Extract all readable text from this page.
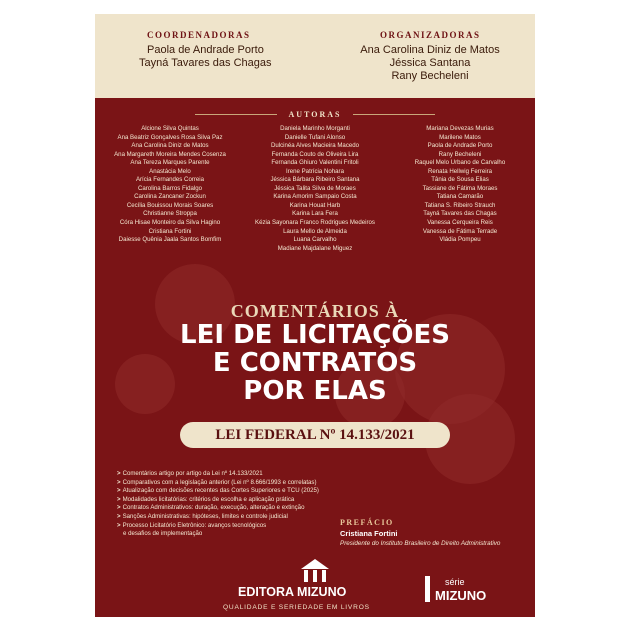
COORDENADORAS
Paola de Andrade Porto
Tayná Tavares das Chagas
ORGANIZADORAS
Ana Carolina Diniz de Matos
Jéssica Santana
Rany Becheleni
AUTORAS
Alcione Silva Quintas
Ana Beatriz Gonçalves Rosa Silva Paz
Ana Carolina Diniz de Matos
Ana Margareth Moreira Mendes Cosenza
Ana Tereza Marques Parente
Anastácia Melo
Arícia Fernandes Correia
Carolina Barros Fidalgo
Carolina Zancaner Zockun
Cecília Bouissou Morais Soares
Christianne Stroppa
Córa Hisae Monteiro da Silva Hagino
Cristiana Fortini
Daiesse Quênia Jaala Santos Bomfim
Daniela Marinho Morganti
Danielle Tufani Alonso
Dulcinéa Alves Macieira Macedo
Fernanda Couto de Oliveira Lira
Fernanda Ghiuro Valentini Fritoli
Irene Patrícia Nohara
Jéssica Bárbara Ribeiro Santana
Jéssica Talita Silva de Moraes
Karina Amorim Sampaio Costa
Karina Houat Harb
Karina Lara Fera
Kézia Sayonara Franco Rodrigues Medeiros
Laura Mello de Almeida
Luana Carvalho
Madiane Majdalane Miguez
Mariana Devezas Murias
Marilene Matos
Paola de Andrade Porto
Rany Becheleni
Raquel Melo Urbano de Carvalho
Renata Hellwig Ferreira
Tânia de Sousa Elias
Tassiane de Fátima Moraes
Tatiana Camarão
Tatiana S. Ribeiro Strauch
Tayná Tavares das Chagas
Vanessa Cerqueira Reis
Vanessa de Fátima Terrade
Vládia Pompeu
COMENTÁRIOS À
LEI DE LICITAÇÕES
E CONTRATOS
POR ELAS
LEI FEDERAL Nº 14.133/2021
> Comentários artigo por artigo da Lei nº 14.133/2021
> Comparativos com a legislação anterior (Lei nº 8.666/1993 e correlatas)
> Atualização com decisões recentes das Cortes Superiores e TCU (2025)
> Modalidades licitatórias: critérios de escolha e aplicação prática
> Contratos Administrativos: duração, execução, alteração e extinção
> Sanções Administrativas: hipóteses, limites e controle judicial
> Processo Licitatório Eletrônico: avanços tecnológicos
e desafios de implementação
PREFÁCIO
Cristiana Fortini
Presidente do Instituto Brasileiro de Direito Administrativo
EDITORA MIZUNO
QUALIDADE E SERIEDADE EM LIVROS
série
MIZUNO
